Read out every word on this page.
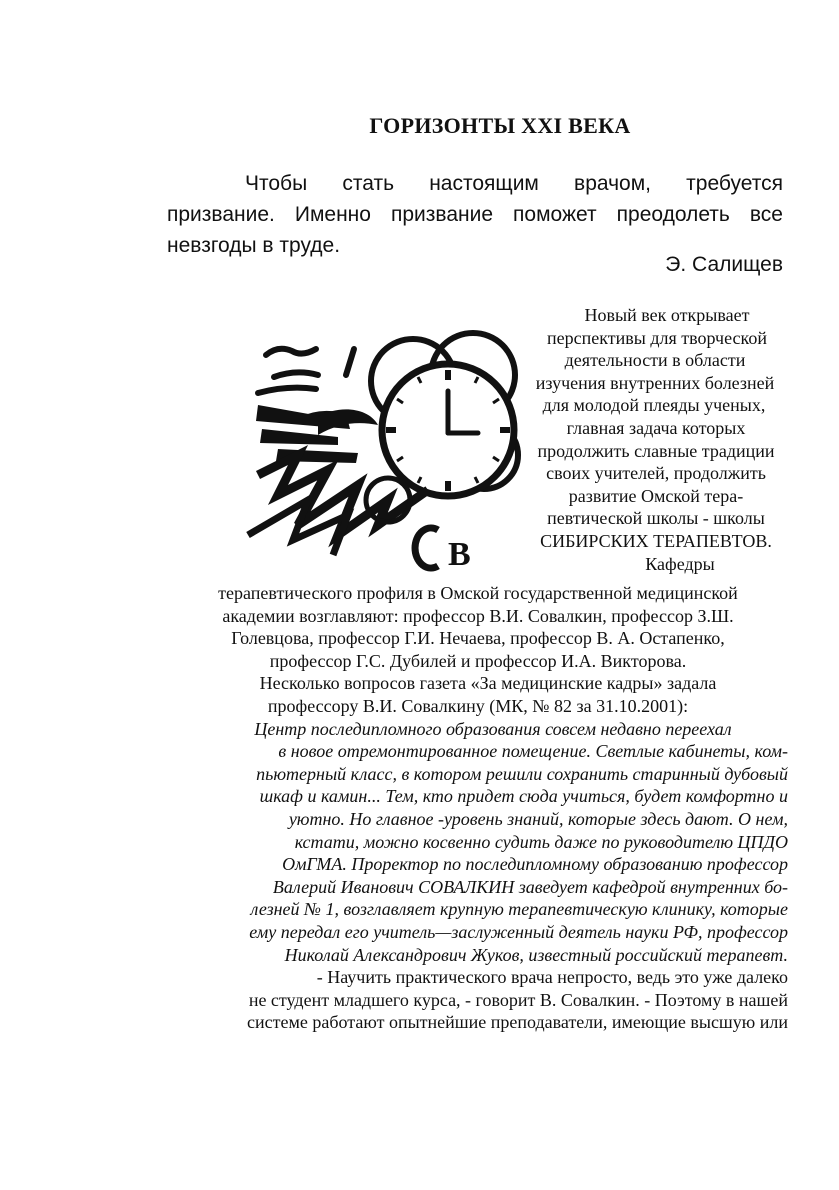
ГОРИЗОНТЫ XXI ВЕКА
Чтобы стать настоящим врачом, требуется
призвание. Именно призвание поможет преодолеть все
невзгоды в труде.
Э. Салищев
В
Новый век открывает
перспективы для творческой
деятельности в области
изучения внутренних болезней
для молодой плеяды ученых,
главная задача которых
продолжить славные традиции
своих учителей, продолжить
развитие Омской тера-
певтической школы - школы
СИБИРСКИХ ТЕРАПЕВТОВ.
Кафедры
терапевтического профиля в Омской государственной медицинской
академии возглавляют: профессор В.И. Совалкин, профессор З.Ш.
Голевцова, профессор Г.И. Нечаева, профессор В. А. Остапенко,
профессор Г.С. Дубилей и профессор И.А. Викторова.
Несколько вопросов газета «За медицинские кадры» задала
профессору В.И. Совалкину (МК, № 82 за 31.10.2001):
Центр последипломного образования совсем недавно переехал
в новое отремонтированное помещение. Светлые кабинеты, ком-
пьютерный класс, в котором решили сохранить старинный дубовый
шкаф и камин... Тем, кто придет сюда учиться, будет комфортно и
уютно. Но главное -уровень знаний, которые здесь дают. О нем,
кстати, можно косвенно судить даже по руководителю ЦПДО
ОмГМА. Проректор по последипломному образованию профессор
Валерий Иванович СОВАЛКИН заведует кафедрой внутренних бо-
лезней № 1, возглавляет крупную терапевтическую клинику, которые
ему передал его учитель—заслуженный деятель науки РФ, профессор
Николай Александрович Жуков, известный российский терапевт.
- Научить практического врача непросто, ведь это уже далеко
не студент младшего курса, - говорит В. Совалкин. - Поэтому в нашей
системе работают опытнейшие преподаватели, имеющие высшую или
